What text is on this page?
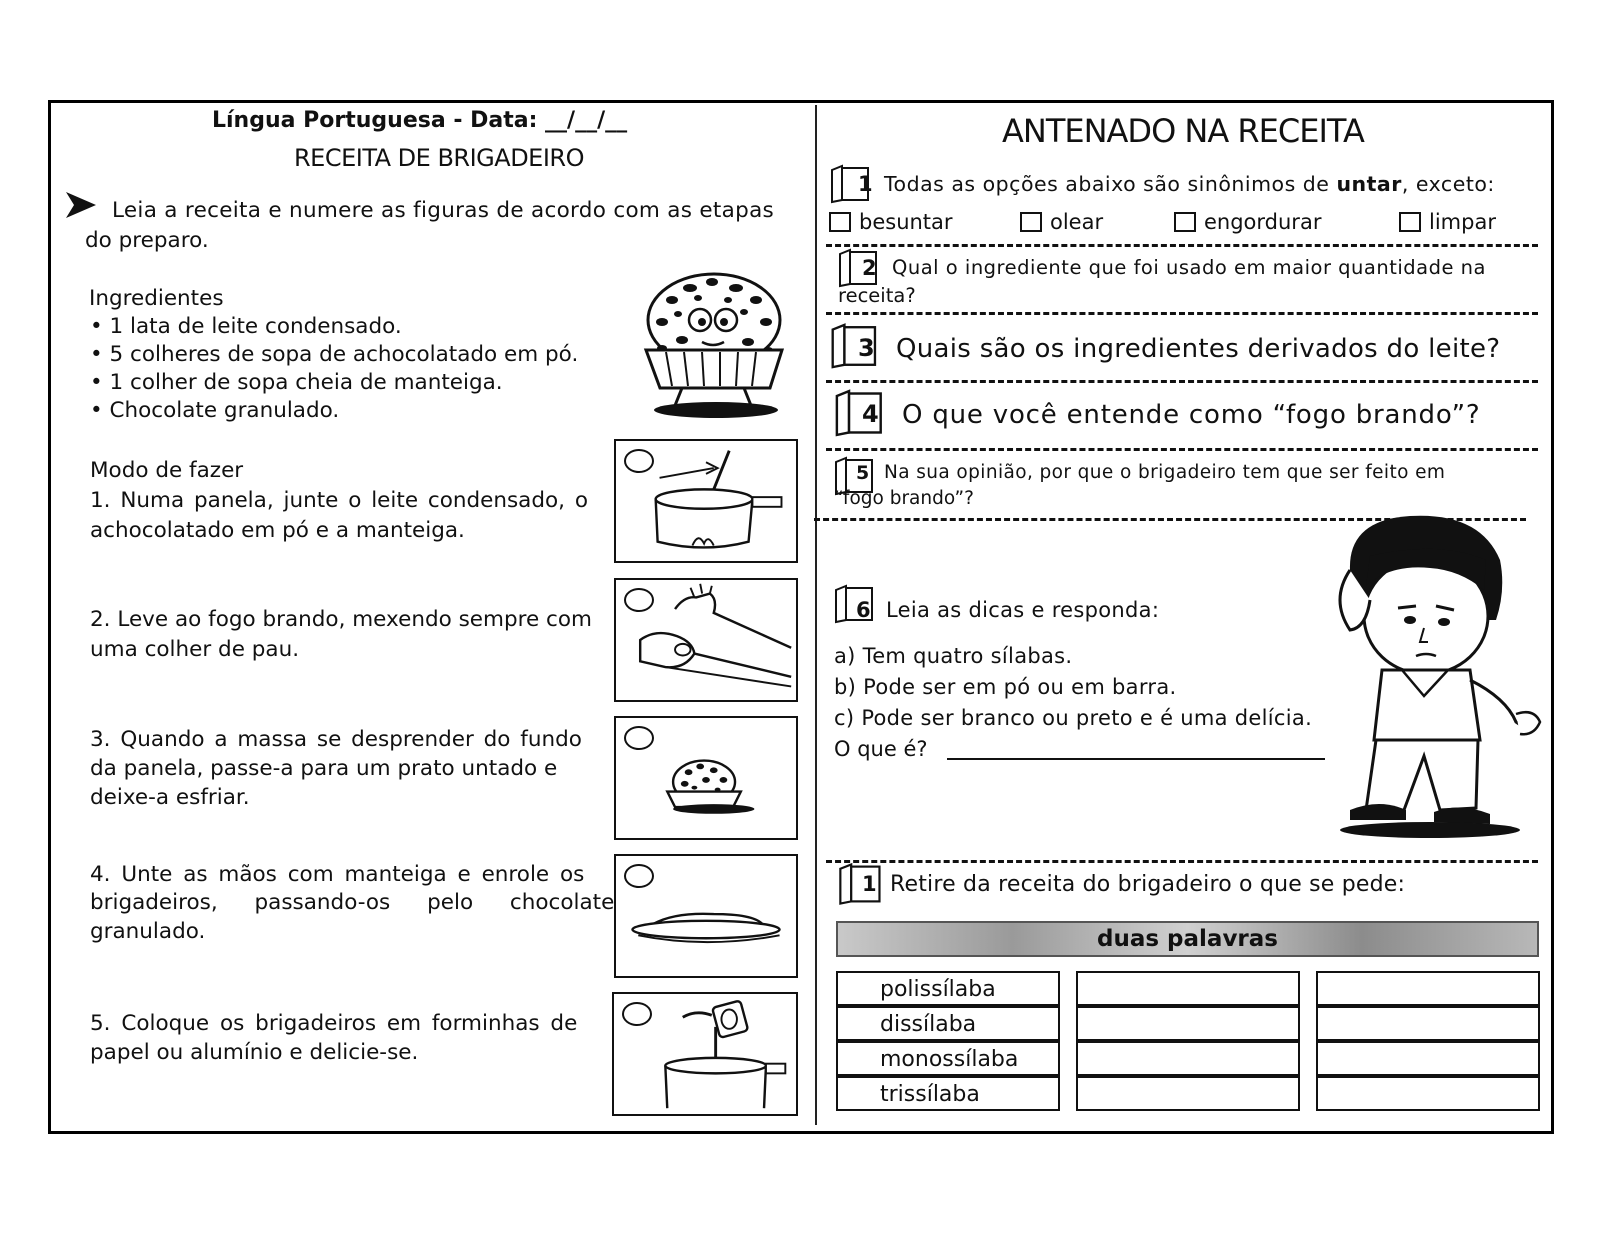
Língua Portuguesa - Data: __/__/__
RECEITA DE BRIGADEIRO
Leia a receita e numere as figuras de acordo com as etapas
do preparo.
Ingredientes
• 1 lata de leite condensado.
• 5 colheres de sopa de achocolatado em pó.
• 1 colher de sopa cheia de manteiga.
• Chocolate granulado.
Modo de fazer
1. Numa panela, junte o leite condensado, o
achocolatado em pó e a manteiga.
2. Leve ao fogo brando, mexendo sempre com
uma colher de pau.
3. Quando a massa se desprender do fundo
da panela, passe-a para um prato untado e
deixe-a esfriar.
4. Unte as mãos com manteiga e enrole os
brigadeiros, passando-os pelo chocolate
granulado.
5. Coloque os brigadeiros em forminhas de
papel ou alumínio e delicie-se.
ANTENADO NA RECEITA
1 Todas as opções abaixo são sinônimos de untar, exceto:
besuntar	olear	engordurar	limpar
2 Qual o ingrediente que foi usado em maior quantidade na
receita?
3 Quais são os ingredientes derivados do leite?
4 O que você entende como “fogo brando”?
5 Na sua opinião, por que o brigadeiro tem que ser feito em
“fogo brando”?
6 Leia as dicas e responda:
a) Tem quatro sílabas.
b) Pode ser em pó ou em barra.
c) Pode ser branco ou preto e é uma delícia.
O que é?
1 Retire da receita do brigadeiro o que se pede:
duas palavras
polissílaba
dissílaba
monossílaba
trissílaba
